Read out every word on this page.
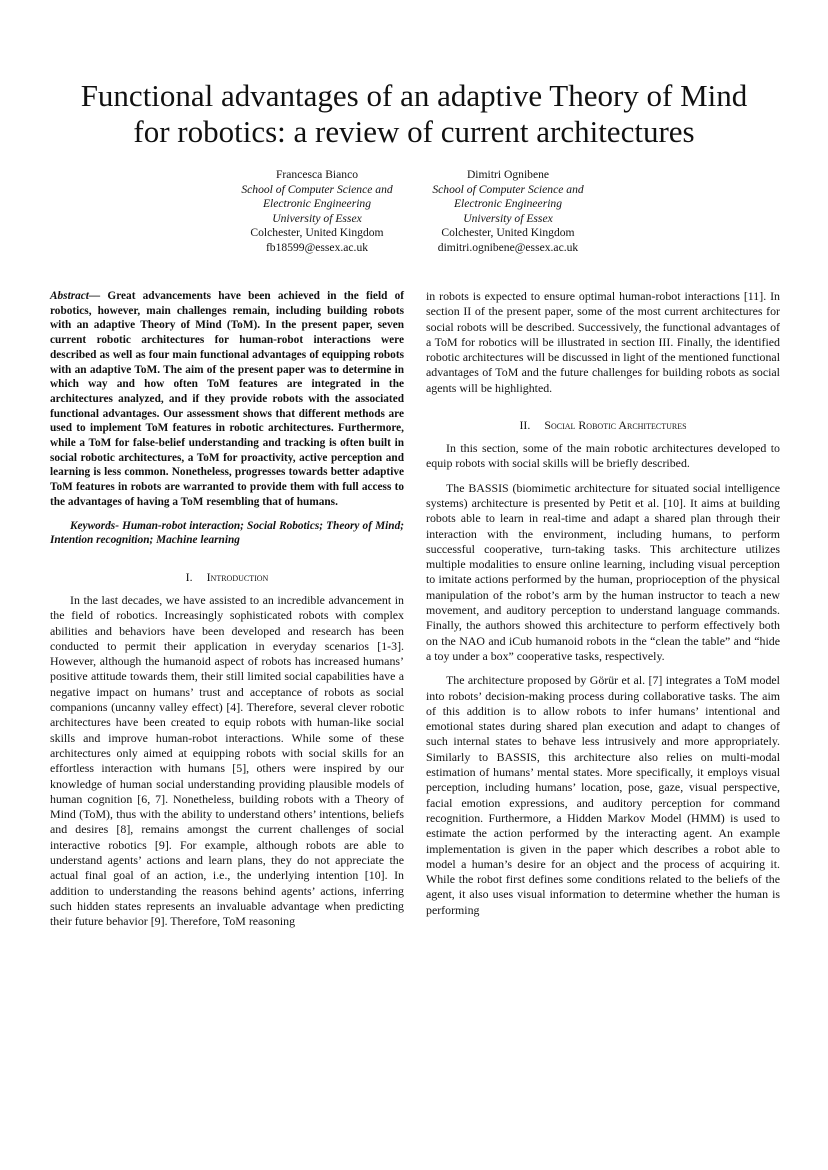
Functional advantages of an adaptive Theory of Mind
for robotics: a review of current architectures
Francesca Bianco
School of Computer Science and
Electronic Engineering
University of Essex
Colchester, United Kingdom
fb18599@essex.ac.uk
Dimitri Ognibene
School of Computer Science and
Electronic Engineering
University of Essex
Colchester, United Kingdom
dimitri.ognibene@essex.ac.uk

Abstract— Great advancements have been achieved in the field of robotics, however, main challenges remain, including building robots with an adaptive Theory of Mind (ToM). In the present paper, seven current robotic architectures for human-robot interactions were described as well as four main functional advantages of equipping robots with an adaptive ToM. The aim of the present paper was to determine in which way and how often ToM features are integrated in the architectures analyzed, and if they provide robots with the associated functional advantages. Our assessment shows that different methods are used to implement ToM features in robotic architectures. Furthermore, while a ToM for false-belief understanding and tracking is often built in social robotic architectures, a ToM for proactivity, active perception and learning is less common. Nonetheless, progresses towards better adaptive ToM features in robots are warranted to provide them with full access to the advantages of having a ToM resembling that of humans.

Keywords- Human-robot interaction; Social Robotics; Theory of Mind; Intention recognition; Machine learning

I. Introduction

In the last decades, we have assisted to an incredible advancement in the field of robotics. Increasingly sophisticated robots with complex abilities and behaviors have been developed and research has been conducted to permit their application in everyday scenarios [1-3]. However, although the humanoid aspect of robots has increased humans’ positive attitude towards them, their still limited social capabilities have a negative impact on humans’ trust and acceptance of robots as social companions (uncanny valley effect) [4]. Therefore, several clever robotic architectures have been created to equip robots with human-like social skills and improve human-robot interactions. While some of these architectures only aimed at equipping robots with social skills for an effortless interaction with humans [5], others were inspired by our knowledge of human social understanding providing plausible models of human cognition [6, 7]. Nonetheless, building robots with a Theory of Mind (ToM), thus with the ability to understand others’ intentions, beliefs and desires [8], remains amongst the current challenges of social interactive robotics [9]. For example, although robots are able to understand agents’ actions and learn plans, they do not appreciate the actual final goal of an action, i.e., the underlying intention [10]. In addition to understanding the reasons behind agents’ actions, inferring such hidden states represents an invaluable advantage when predicting their future behavior [9]. Therefore, ToM reasoning

in robots is expected to ensure optimal human-robot interactions [11]. In section II of the present paper, some of the most current architectures for social robots will be described. Successively, the functional advantages of a ToM for robotics will be illustrated in section III. Finally, the identified robotic architectures will be discussed in light of the mentioned functional advantages of ToM and the future challenges for building robots as social agents will be highlighted.

II. Social Robotic Architectures

In this section, some of the main robotic architectures developed to equip robots with social skills will be briefly described.

The BASSIS (biomimetic architecture for situated social intelligence systems) architecture is presented by Petit et al. [10]. It aims at building robots able to learn in real-time and adapt a shared plan through their interaction with the environment, including humans, to perform successful cooperative, turn-taking tasks. This architecture utilizes multiple modalities to ensure online learning, including visual perception to imitate actions performed by the human, proprioception of the physical manipulation of the robot’s arm by the human instructor to teach a new movement, and auditory perception to understand language commands. Finally, the authors showed this architecture to perform effectively both on the NAO and iCub humanoid robots in the “clean the table” and “hide a toy under a box” cooperative tasks, respectively.

The architecture proposed by Görür et al. [7] integrates a ToM model into robots’ decision-making process during collaborative tasks. The aim of this addition is to allow robots to infer humans’ intentional and emotional states during shared plan execution and adapt to changes of such internal states to behave less intrusively and more appropriately. Similarly to BASSIS, this architecture also relies on multi-modal estimation of humans’ mental states. More specifically, it employs visual perception, including humans’ location, pose, gaze, visual perspective, facial emotion expressions, and auditory perception for command recognition. Furthermore, a Hidden Markov Model (HMM) is used to estimate the action performed by the interacting agent. An example implementation is given in the paper which describes a robot able to model a human’s desire for an object and the process of acquiring it. While the robot first defines some conditions related to the beliefs of the agent, it also uses visual information to determine whether the human is performing
